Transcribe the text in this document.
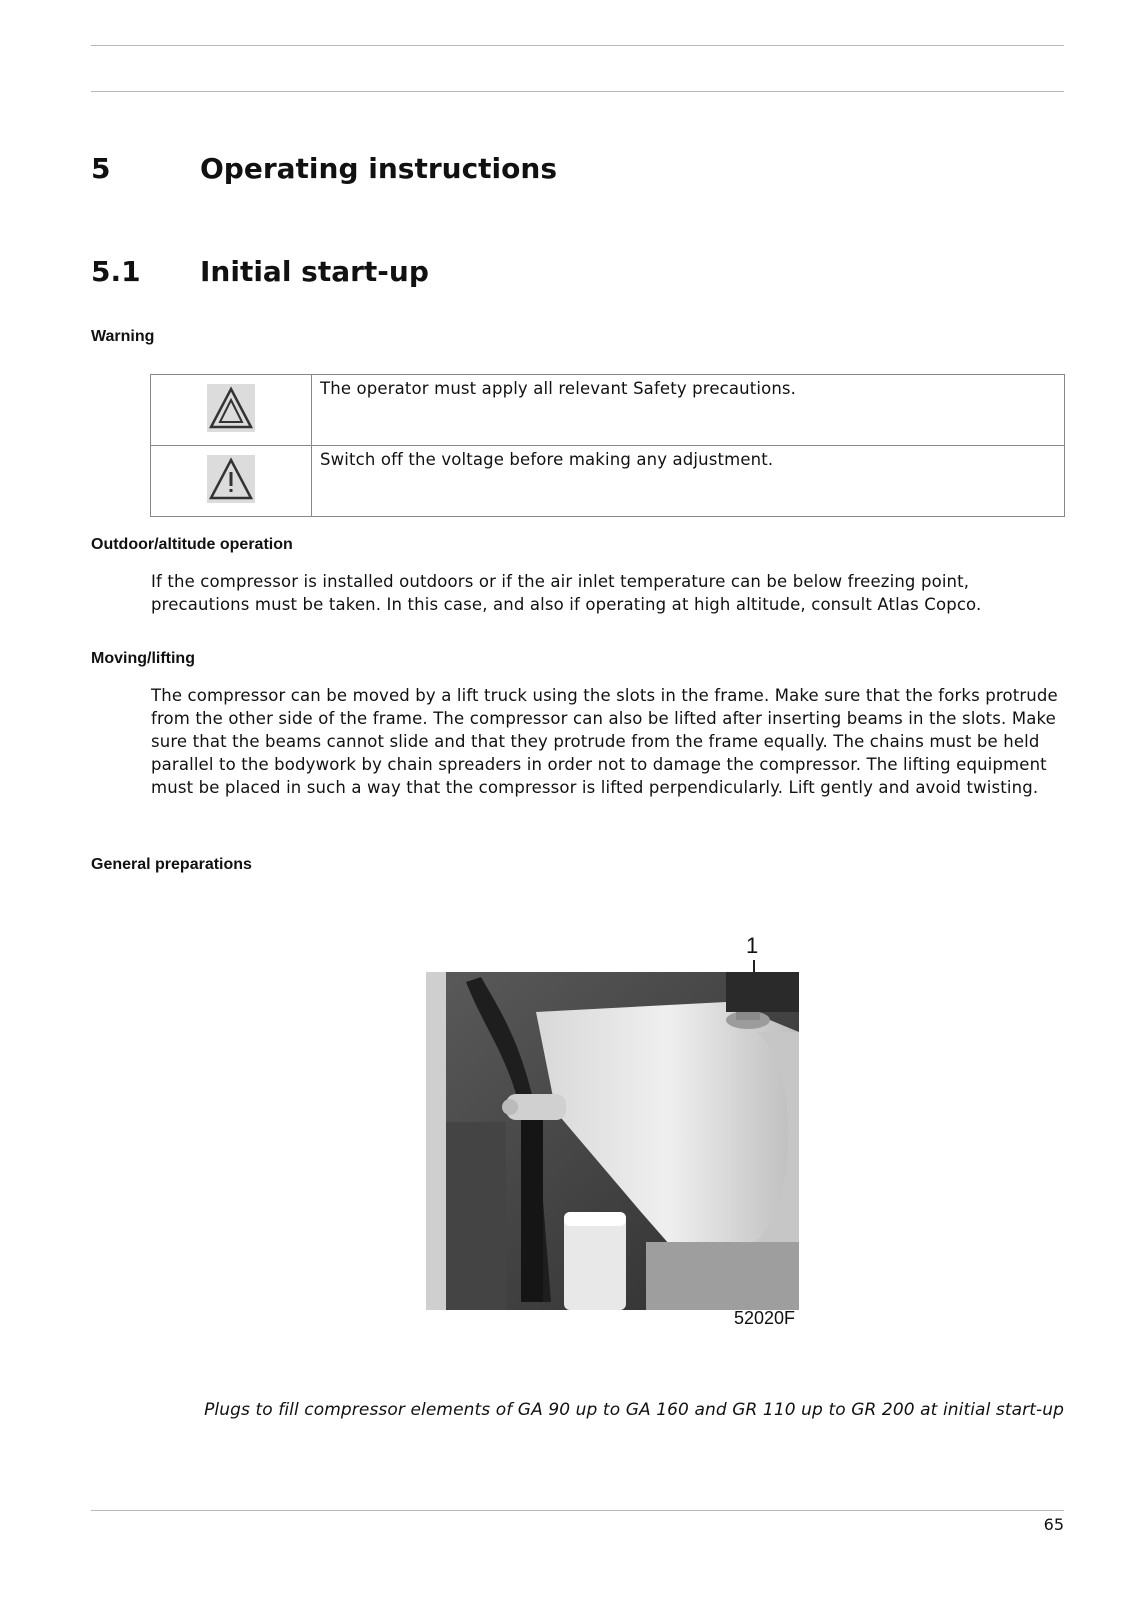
5	Operating instructions
5.1 Initial start-up
Warning
	The operator must apply all relevant Safety precautions.
	Switch off the voltage before making any adjustment.
Outdoor/altitude operation
If the compressor is installed outdoors or if the air inlet temperature can be below freezing point, precautions must be taken. In this case, and also if operating at high altitude, consult Atlas Copco.
Moving/lifting
The compressor can be moved by a lift truck using the slots in the frame. Make sure that the forks protrude from the other side of the frame. The compressor can also be lifted after inserting beams in the slots. Make sure that the beams cannot slide and that they protrude from the frame equally. The chains must be held parallel to the bodywork by chain spreaders in order not to damage the compressor. The lifting equipment must be placed in such a way that the compressor is lifted perpendicularly. Lift gently and avoid twisting.
General preparations
1
52020F
Plugs to fill compressor elements of GA 90 up to GA 160 and GR 110 up to GR 200 at initial start-up
65
